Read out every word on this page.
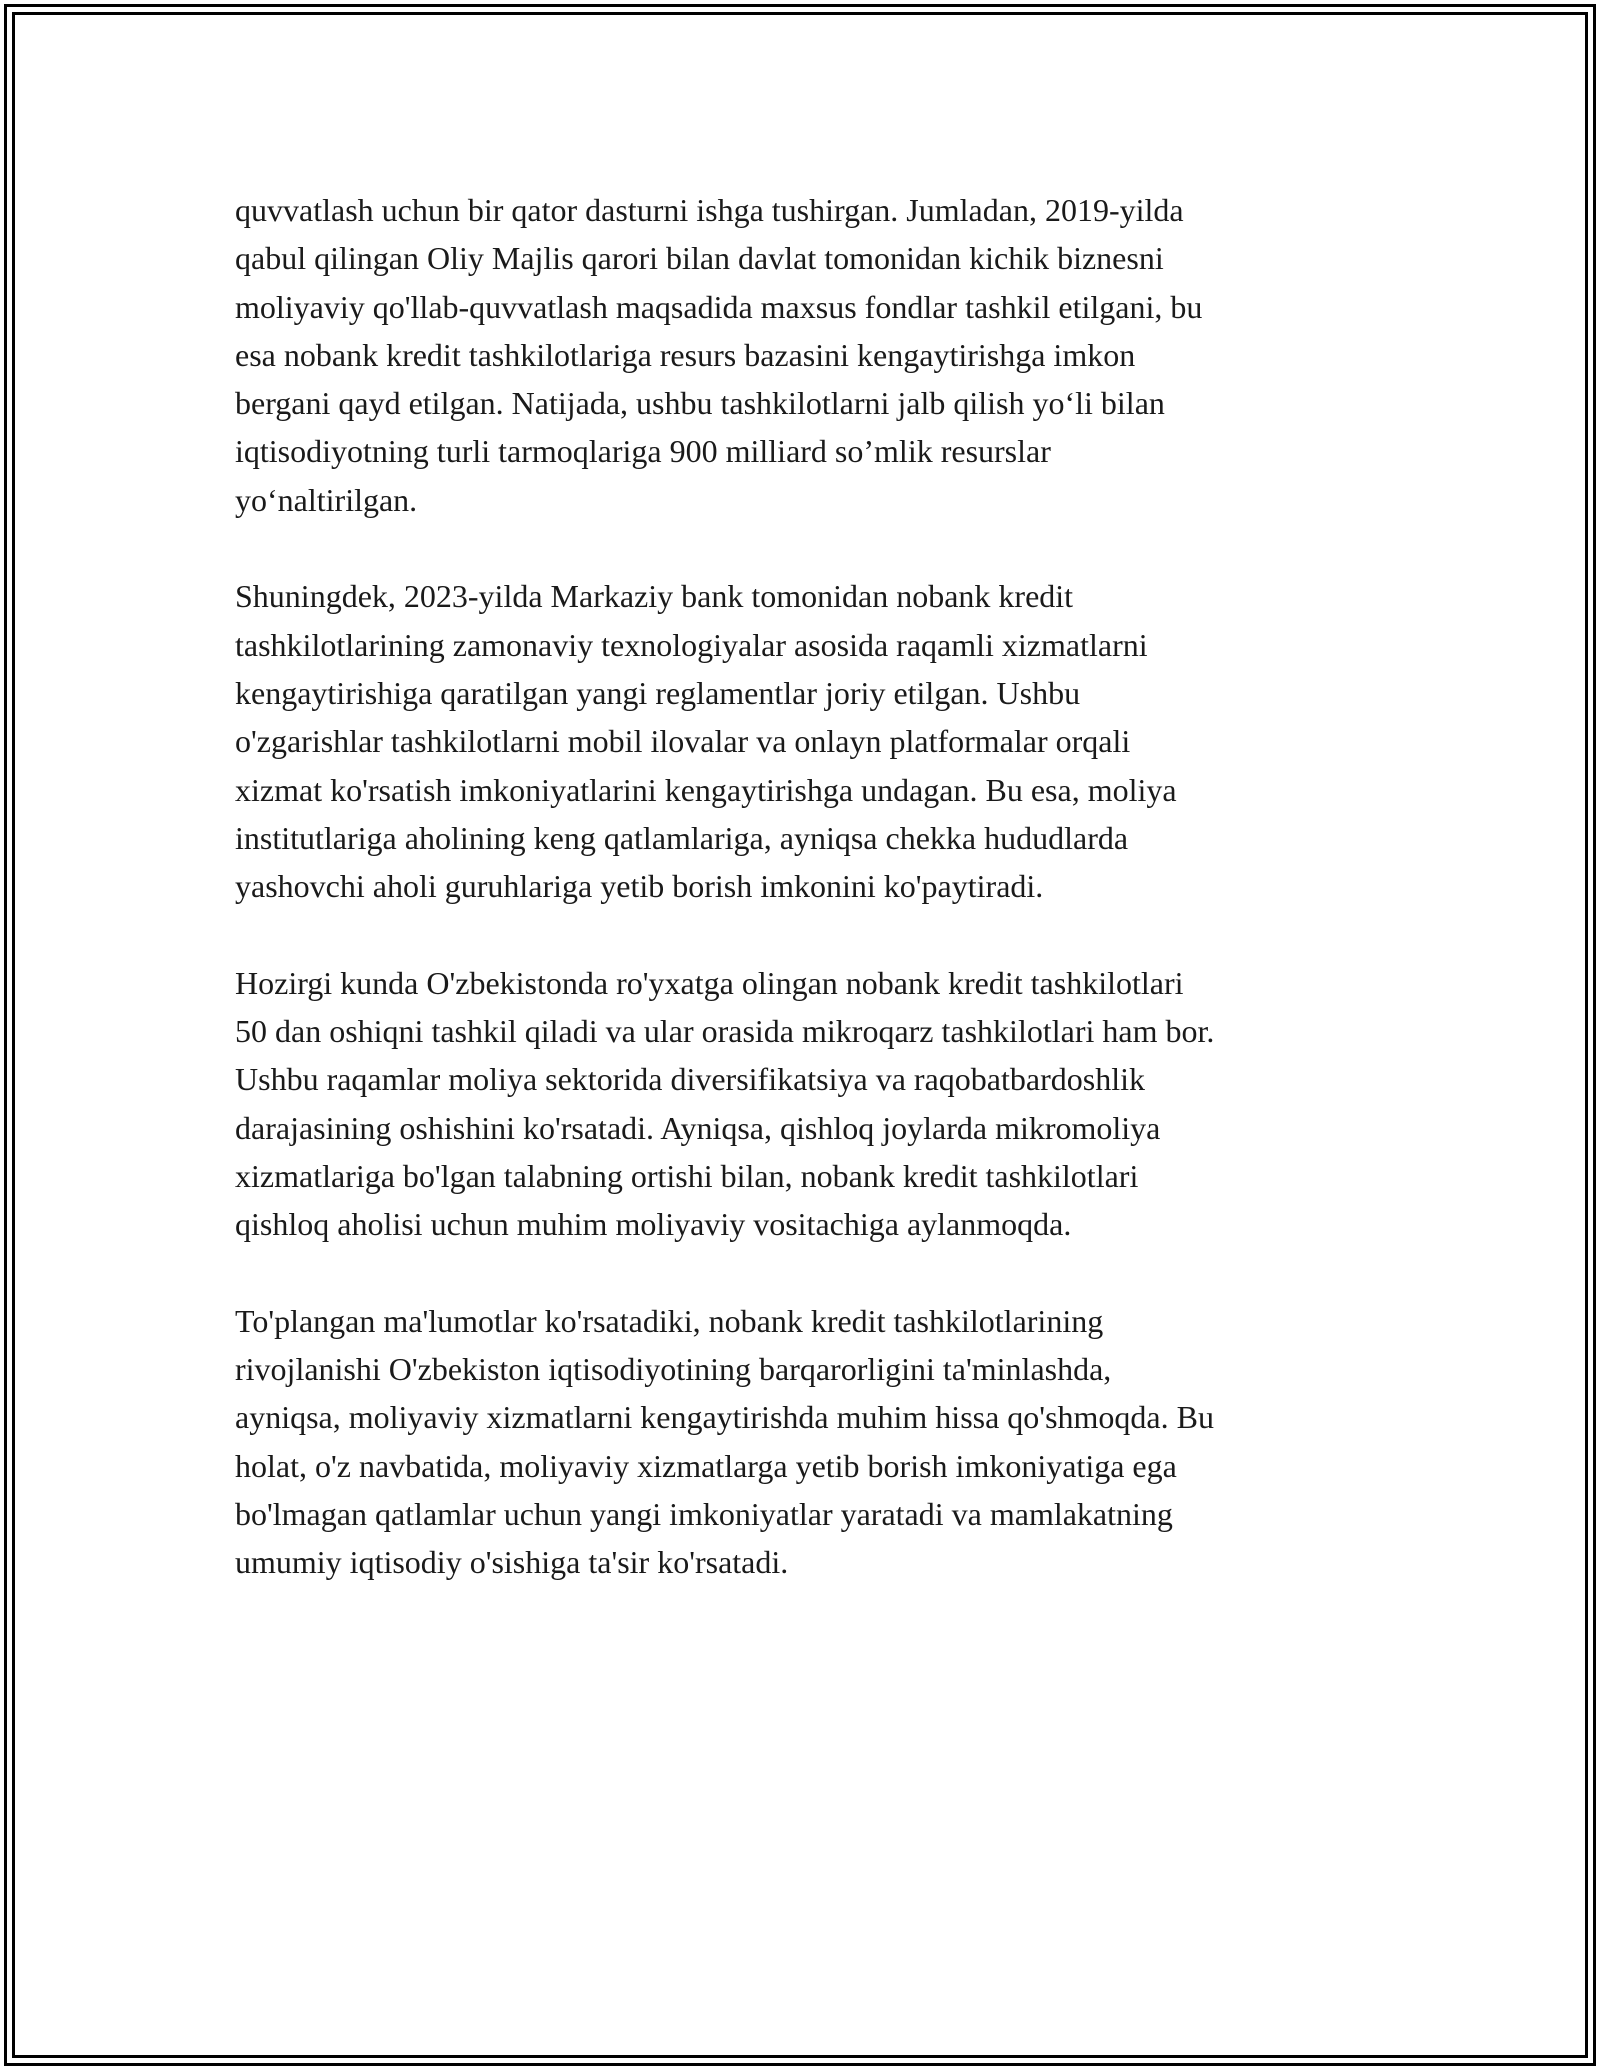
quvvatlash uchun bir qator dasturni ishga tushirgan. Jumladan, 2019-yilda
qabul qilingan Oliy Majlis qarori bilan davlat tomonidan kichik biznesni
moliyaviy qo'llab-quvvatlash maqsadida maxsus fondlar tashkil etilgani, bu
esa nobank kredit tashkilotlariga resurs bazasini kengaytirishga imkon
bergani qayd etilgan. Natijada, ushbu tashkilotlarni jalb qilish yo‘li bilan
iqtisodiyotning turli tarmoqlariga 900 milliard so’mlik resurslar
yo‘naltirilgan.

Shuningdek, 2023-yilda Markaziy bank tomonidan nobank kredit
tashkilotlarining zamonaviy texnologiyalar asosida raqamli xizmatlarni
kengaytirishiga qaratilgan yangi reglamentlar joriy etilgan. Ushbu
o'zgarishlar tashkilotlarni mobil ilovalar va onlayn platformalar orqali
xizmat ko'rsatish imkoniyatlarini kengaytirishga undagan. Bu esa, moliya
institutlariga aholining keng qatlamlariga, ayniqsa chekka hududlarda
yashovchi aholi guruhlariga yetib borish imkonini ko'paytiradi.

Hozirgi kunda O'zbekistonda ro'yxatga olingan nobank kredit tashkilotlari
50 dan oshiqni tashkil qiladi va ular orasida mikroqarz tashkilotlari ham bor.
Ushbu raqamlar moliya sektorida diversifikatsiya va raqobatbardoshlik
darajasining oshishini ko'rsatadi. Ayniqsa, qishloq joylarda mikromoliya
xizmatlariga bo'lgan talabning ortishi bilan, nobank kredit tashkilotlari
qishloq aholisi uchun muhim moliyaviy vositachiga aylanmoqda.

To'plangan ma'lumotlar ko'rsatadiki, nobank kredit tashkilotlarining
rivojlanishi O'zbekiston iqtisodiyotining barqarorligini ta'minlashda,
ayniqsa, moliyaviy xizmatlarni kengaytirishda muhim hissa qo'shmoqda. Bu
holat, o'z navbatida, moliyaviy xizmatlarga yetib borish imkoniyatiga ega
bo'lmagan qatlamlar uchun yangi imkoniyatlar yaratadi va mamlakatning
umumiy iqtisodiy o'sishiga ta'sir ko'rsatadi.
